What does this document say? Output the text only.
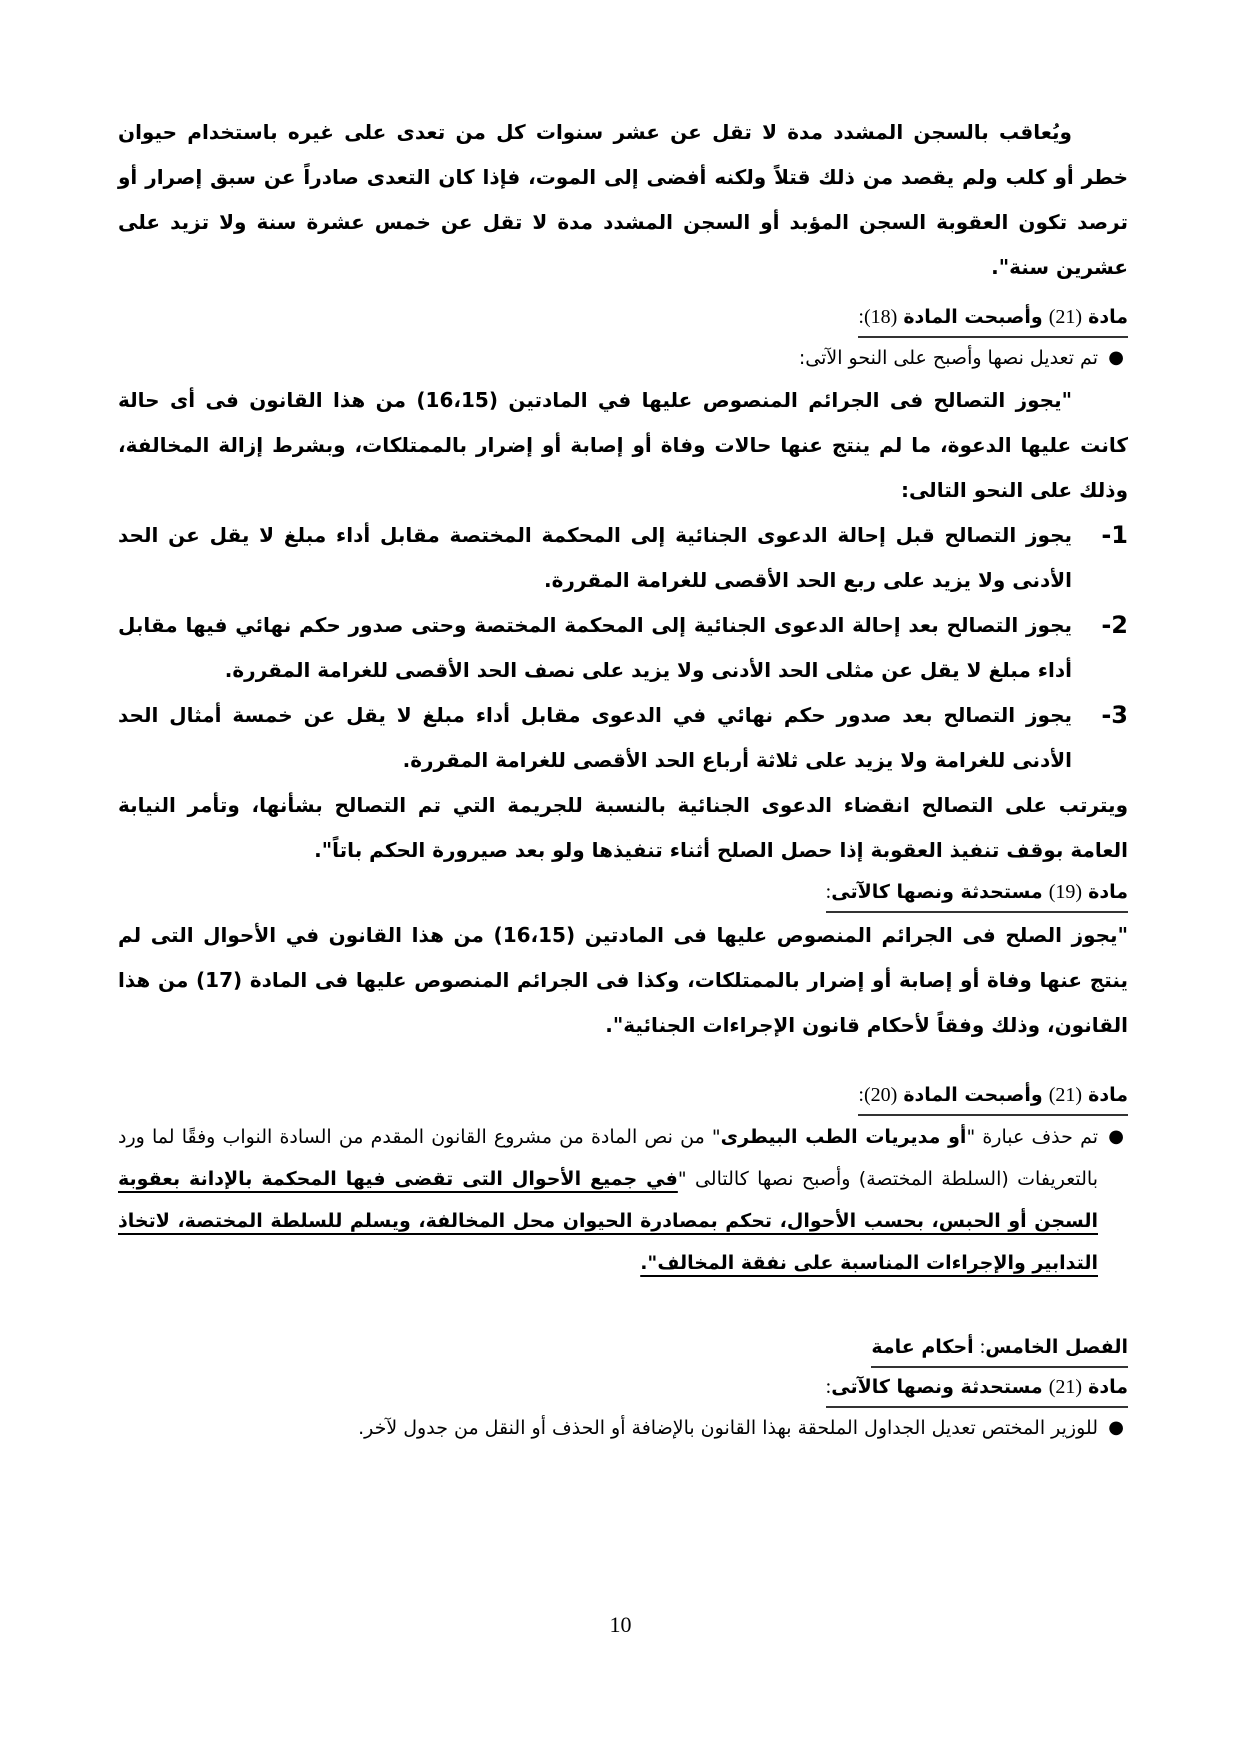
ويُعاقب بالسجن المشدد مدة لا تقل عن عشر سنوات كل من تعدى على غيره باستخدام حيوان خطر أو كلب ولم يقصد من ذلك قتلاً ولكنه أفضى إلى الموت، فإذا كان التعدى صادراً عن سبق إصرار أو ترصد تكون العقوبة السجن المؤبد أو السجن المشدد مدة لا تقل عن خمس عشرة سنة ولا تزيد على عشرين سنة".

مادة (21) وأصبحت المادة (18):

●
تم تعديل نصها وأصبح على النحو الآتى:

"يجوز التصالح فى الجرائم المنصوص عليها في المادتين (16،15) من هذا القانون فى أى حالة كانت عليها الدعوة، ما لم ينتج عنها حالات وفاة أو إصابة أو إضرار بالممتلكات، وبشرط إزالة المخالفة، وذلك على النحو التالى:

1-
يجوز التصالح قبل إحالة الدعوى الجنائية إلى المحكمة المختصة مقابل أداء مبلغ لا يقل عن الحد الأدنى ولا يزيد على ربع الحد الأقصى للغرامة المقررة.

2-
يجوز التصالح بعد إحالة الدعوى الجنائية إلى المحكمة المختصة وحتى صدور حكم نهائي فيها مقابل أداء مبلغ لا يقل عن مثلى الحد الأدنى ولا يزيد على نصف الحد الأقصى للغرامة المقررة.

3-
يجوز التصالح بعد صدور حكم نهائي في الدعوى مقابل أداء مبلغ لا يقل عن خمسة أمثال الحد الأدنى للغرامة ولا يزيد على ثلاثة أرباع الحد الأقصى للغرامة المقررة.

ويترتب على التصالح انقضاء الدعوى الجنائية بالنسبة للجريمة التي تم التصالح بشأنها، وتأمر النيابة العامة بوقف تنفيذ العقوبة إذا حصل الصلح أثناء تنفيذها ولو بعد صيرورة الحكم باتاً".

مادة (19) مستحدثة ونصها كالآتى:

"يجوز الصلح فى الجرائم المنصوص عليها فى المادتين (16،15) من هذا القانون في الأحوال التى لم ينتج عنها وفاة أو إصابة أو إضرار بالممتلكات، وكذا فى الجرائم المنصوص عليها فى المادة (17) من هذا القانون، وذلك وفقاً لأحكام قانون الإجراءات الجنائية".

مادة (21) وأصبحت المادة (20):

●
تم حذف عبارة "أو مديريات الطب البيطرى" من نص المادة من مشروع القانون المقدم من السادة النواب وفقًا لما ورد بالتعريفات (السلطة المختصة) وأصبح نصها كالتالى "في جميع الأحوال التى تقضى فيها المحكمة بالإدانة بعقوبة السجن أو الحبس، بحسب الأحوال، تحكم بمصادرة الحيوان محل المخالفة، ويسلم للسلطة المختصة، لاتخاذ التدابير والإجراءات المناسبة على نفقة المخالف".

الفصل الخامس: أحكام عامة
مادة (21) مستحدثة ونصها كالآتى:

●
للوزير المختص تعديل الجداول الملحقة بهذا القانون بالإضافة أو الحذف أو النقل من جدول لآخر.

10
